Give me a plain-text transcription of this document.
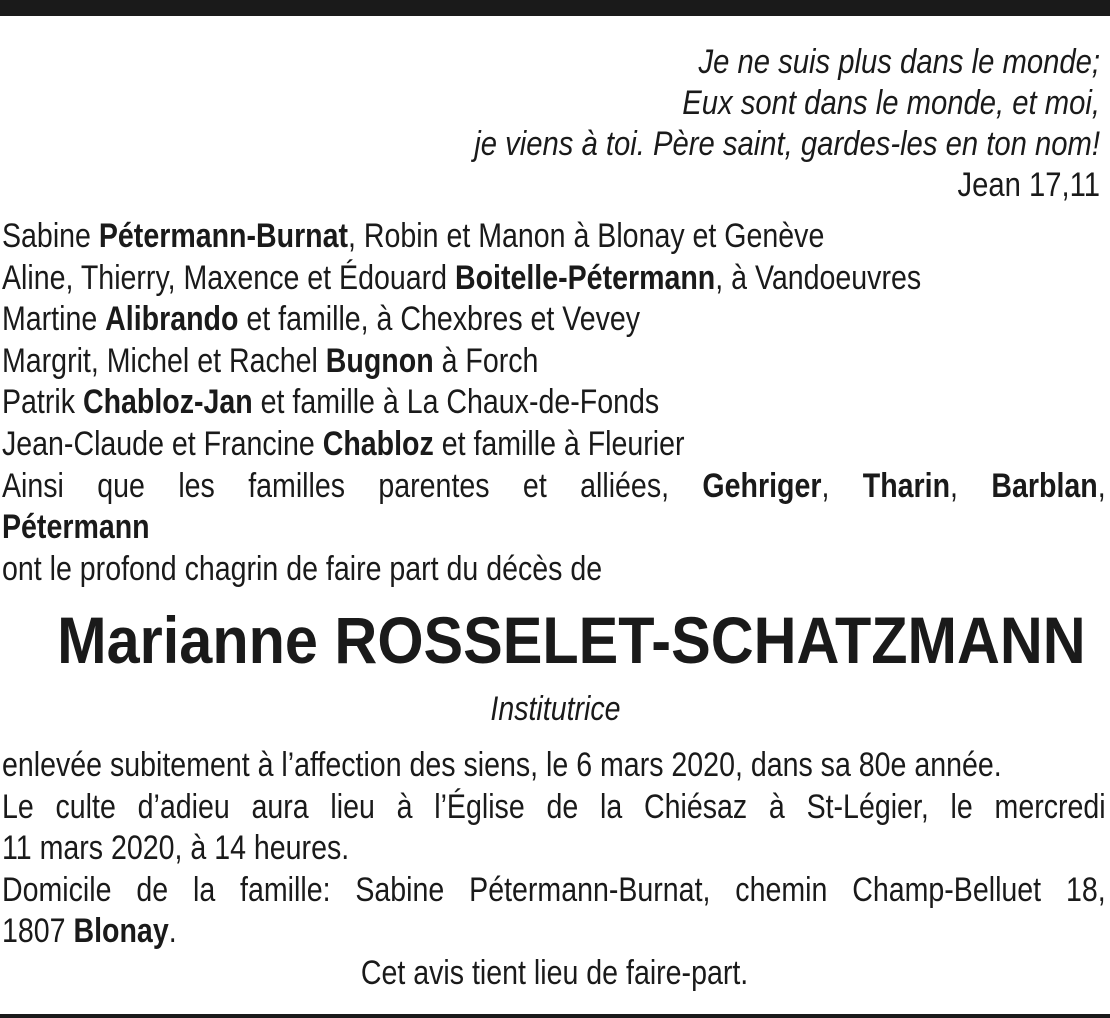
Je ne suis plus dans le monde;
Eux sont dans le monde, et moi,
je viens à toi. Père saint, gardes-les en ton nom!
Jean 17,11
Sabine Pétermann-Burnat, Robin et Manon à Blonay et Genève
Aline, Thierry, Maxence et Édouard Boitelle-Pétermann, à Vandoeuvres
Martine Alibrando et famille, à Chexbres et Vevey
Margrit, Michel et Rachel Bugnon à Forch
Patrik Chabloz-Jan et famille à La Chaux-de-Fonds
Jean-Claude et Francine Chabloz et famille à Fleurier
Ainsi que les familles parentes et alliées, Gehriger, Tharin, Barblan,
Pétermann
ont le profond chagrin de faire part du décès de
Marianne ROSSELET-SCHATZMANN
Institutrice
enlevée subitement à l’affection des siens, le 6 mars 2020, dans sa 80e année.
Le culte d’adieu aura lieu à l’Église de la Chiésaz à St-Légier, le mercredi
11 mars 2020, à 14 heures.
Domicile de la famille: Sabine Pétermann-Burnat, chemin Champ-Belluet 18,
1807 Blonay.
Cet avis tient lieu de faire-part.
